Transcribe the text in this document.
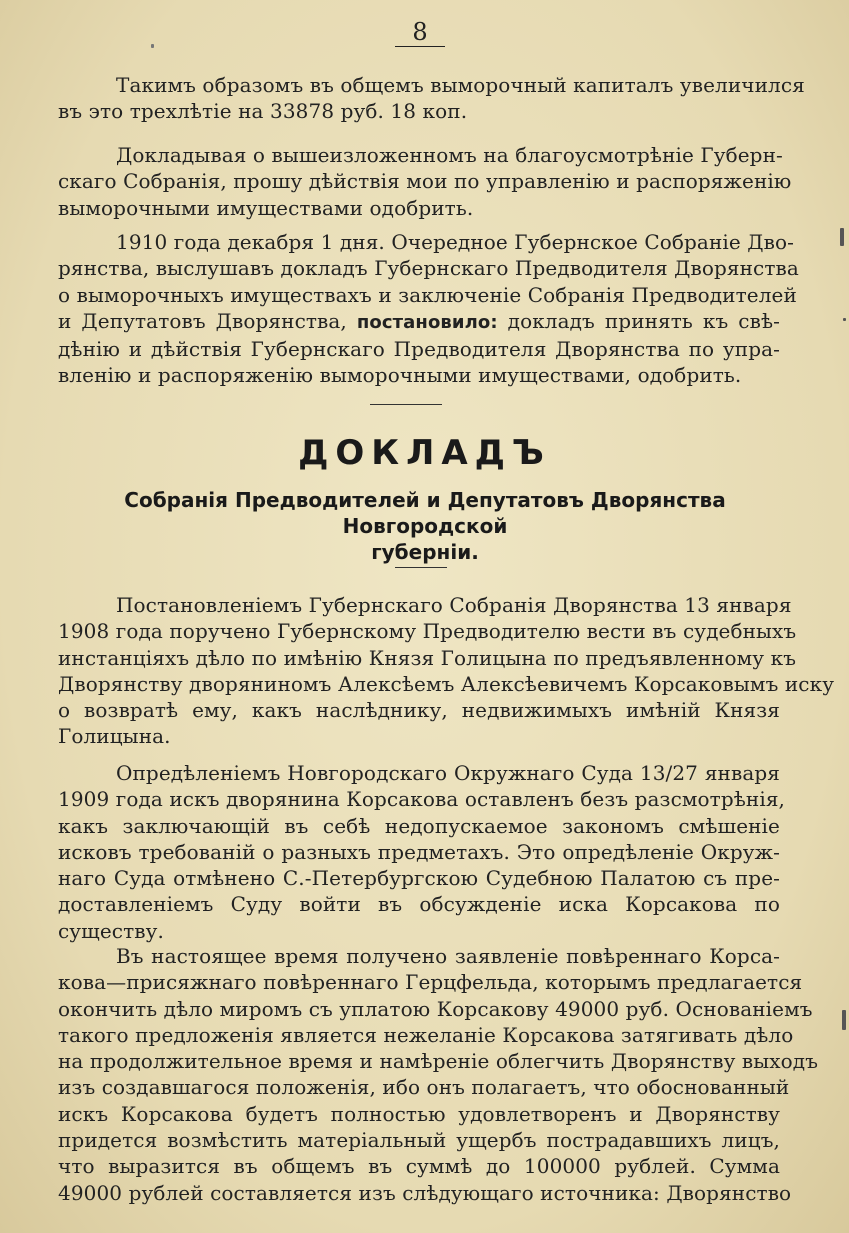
8
Такимъ образомъ въ общемъ выморочный капиталъ увеличился
въ это трехлѣтіе на 33878 руб. 18 коп.
Докладывая о вышеизложенномъ на благоусмотрѣніе Губерн-
скаго Собранія, прошу дѣйствія мои по управленію и распоряженію
выморочными имуществами одобрить.
1910 года декабря 1 дня. Очередное Губернское Собраніе Дво-
рянства, выслушавъ докладъ Губернскаго Предводителя Дворянства
о выморочныхъ имуществахъ и заключеніе Собранія Предводителей
и Депутатовъ Дворянства, постановило: докладъ принять къ свѣ-
дѣнію и дѣйствія Губернскаго Предводителя Дворянства по упра-
вленію и распоряженію выморочными имуществами, одобрить.
ДОКЛАДЪ
Собранія Предводителей и Депутатовъ Дворянства Новгородской
губерніи.
Постановленіемъ Губернскаго Собранія Дворянства 13 января
1908 года поручено Губернскому Предводителю вести въ судебныхъ
инстанціяхъ дѣло по имѣнію Князя Голицына по предъявленному къ
Дворянству дворяниномъ Алексѣемъ Алексѣевичемъ Корсаковымъ иску
о возвратѣ ему, какъ наслѣднику, недвижимыхъ имѣній Князя
Голицына.
Опредѣленіемъ Новгородскаго Окружнаго Суда 13/27 января
1909 года искъ дворянина Корсакова оставленъ безъ разсмотрѣнія,
какъ заключающій въ себѣ недопускаемое закономъ смѣшеніе
исковъ требованій о разныхъ предметахъ. Это опредѣленіе Окруж-
наго Суда отмѣнено С.-Петербургскою Судебною Палатою съ пре-
доставленіемъ Суду войти въ обсужденіе иска Корсакова по
существу.
Въ настоящее время получено заявленіе повѣреннаго Корса-
кова—присяжнаго повѣреннаго Герцфельда, которымъ предлагается
окончить дѣло миромъ съ уплатою Корсакову 49000 руб. Основаніемъ
такого предложенія является нежеланіе Корсакова затягивать дѣло
на продолжительное время и намѣреніе облегчить Дворянству выходъ
изъ создавшагося положенія, ибо онъ полагаетъ, что обоснованный
искъ Корсакова будетъ полностью удовлетворенъ и Дворянству
придется возмѣстить матеріальный ущербъ пострадавшихъ лицъ,
что выразится въ общемъ въ суммѣ до 100000 рублей. Сумма
49000 рублей составляется изъ слѣдующаго источника: Дворянство
